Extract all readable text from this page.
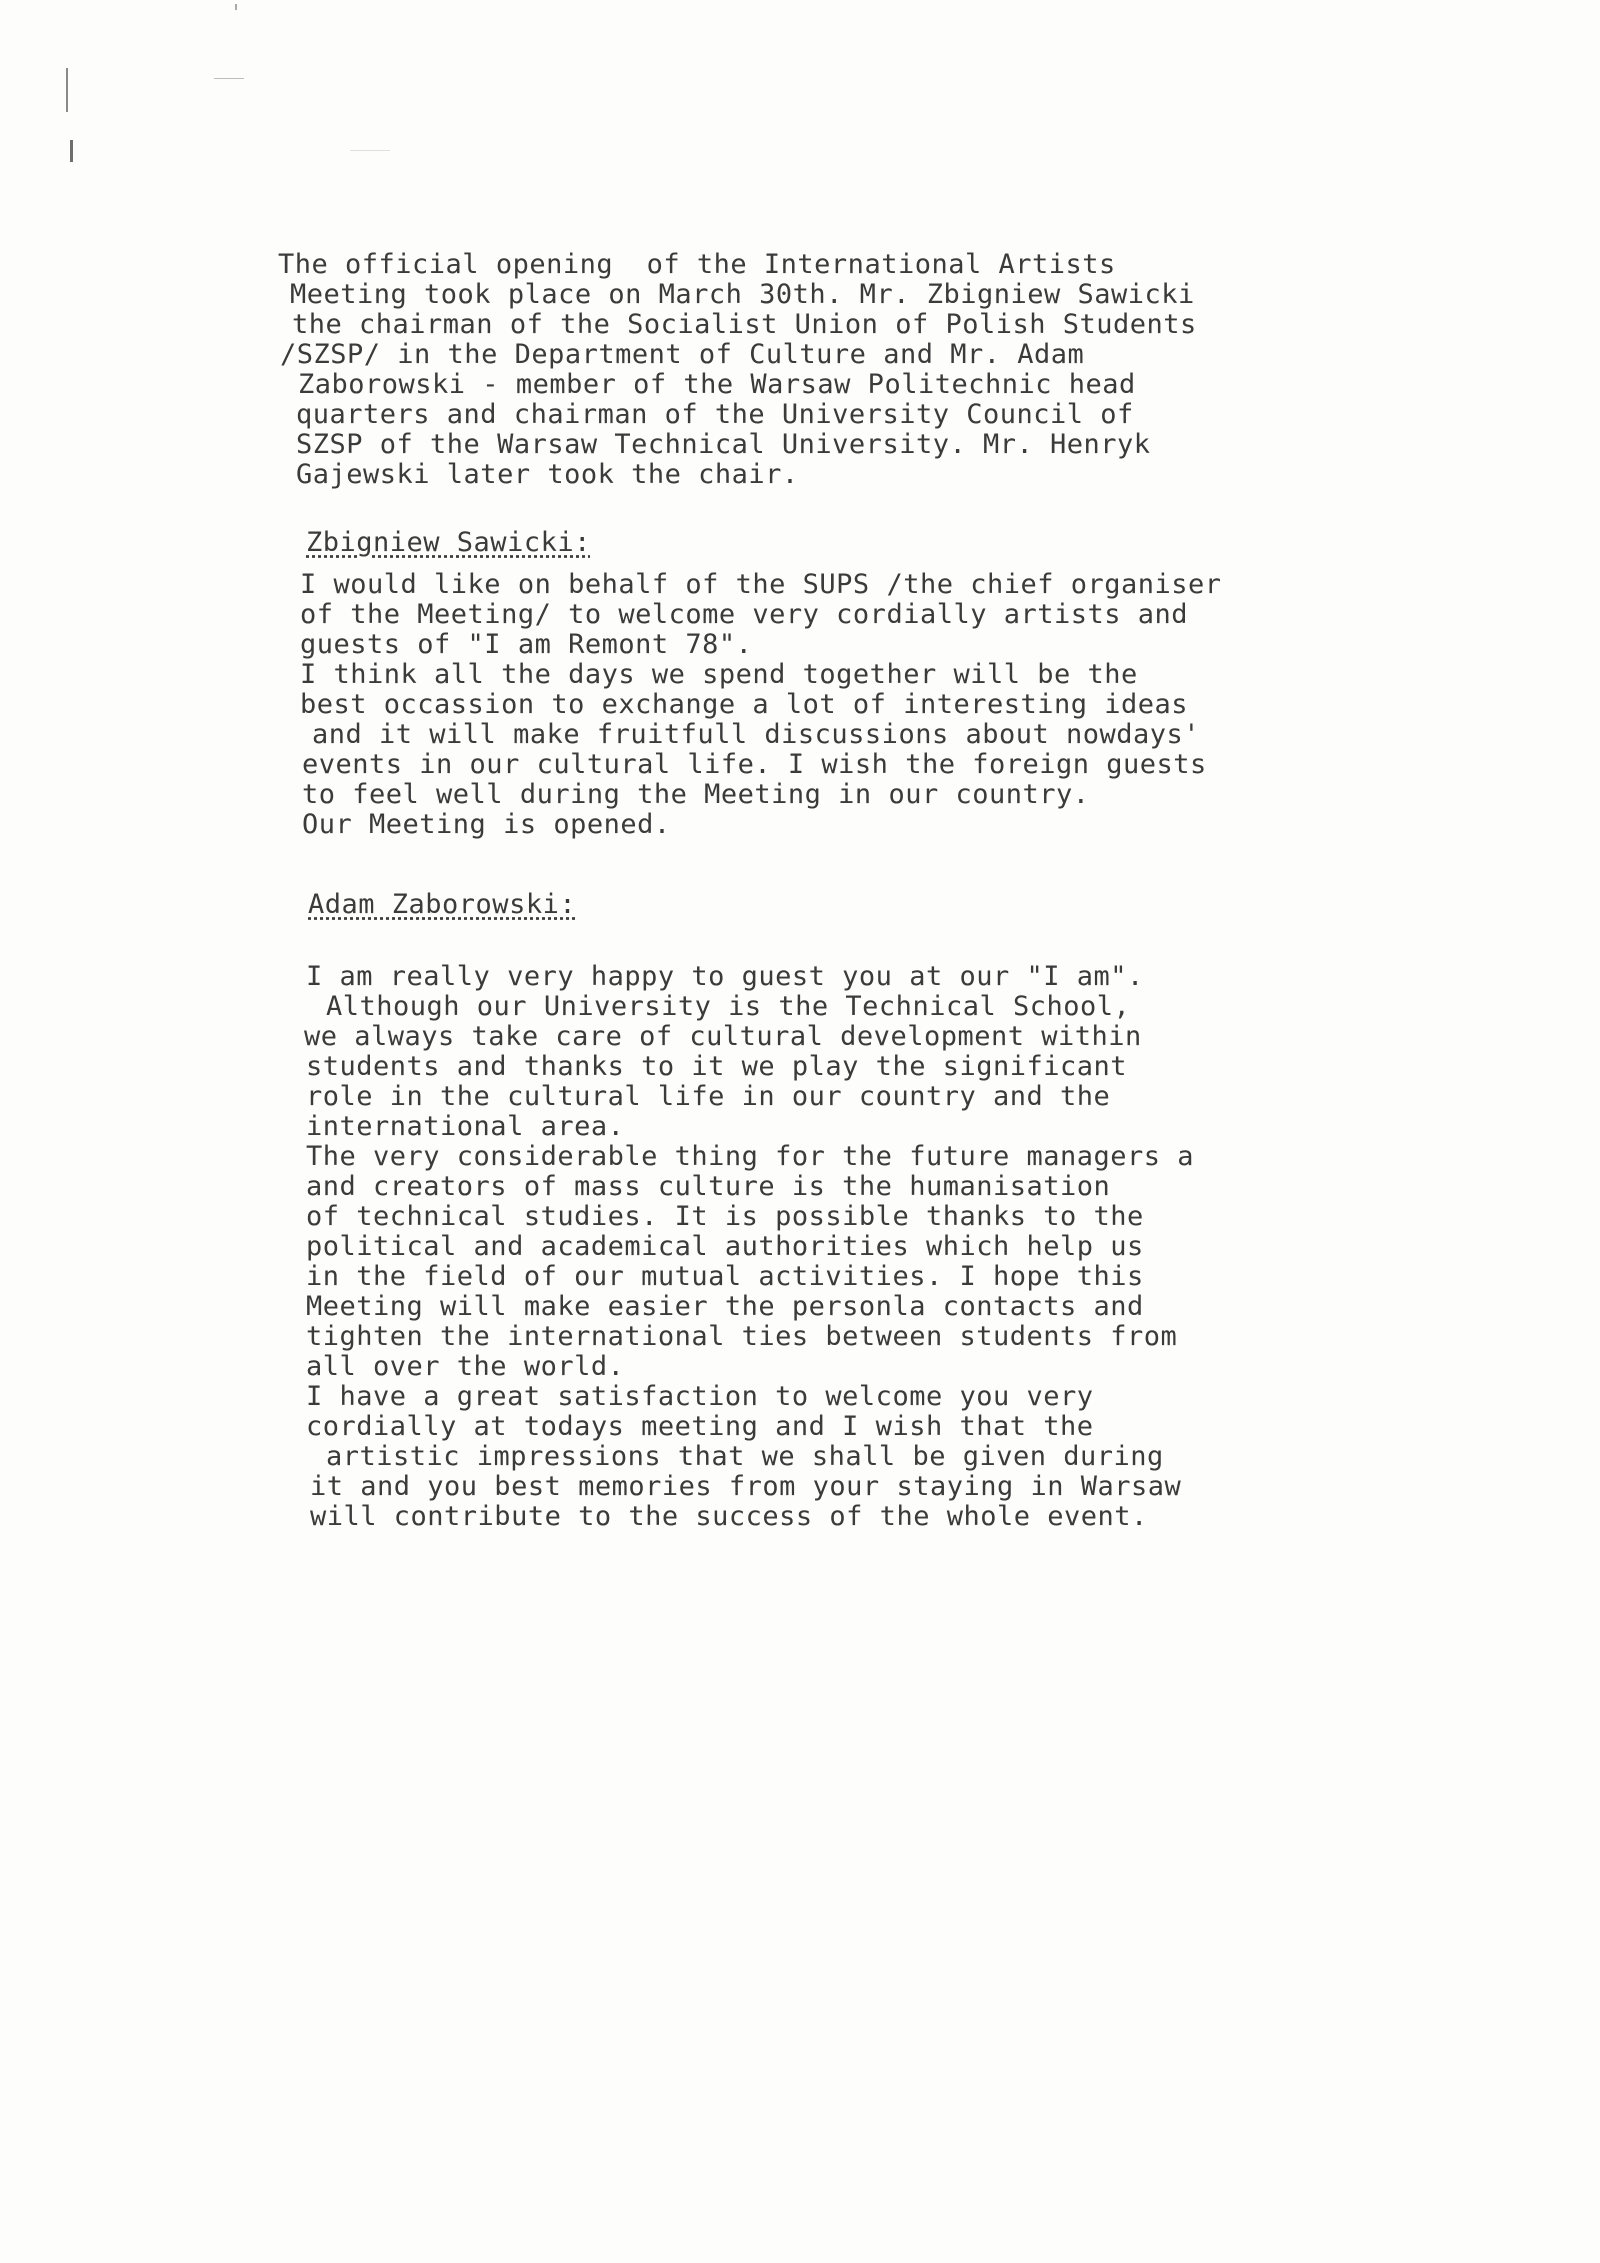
The official opening  of the International Artists
Meeting took place on March 30th. Mr. Zbigniew Sawicki
the chairman of the Socialist Union of Polish Students
/SZSP/ in the Department of Culture and Mr. Adam
Zaborowski - member of the Warsaw Politechnic head
quarters and chairman of the University Council of
SZSP of the Warsaw Technical University. Mr. Henryk
Gajewski later took the chair.
Zbigniew Sawicki:
I would like on behalf of the SUPS /the chief organiser
of the Meeting/ to welcome very cordially artists and
guests of "I am Remont 78".
I think all the days we spend together will be the
best occassion to exchange a lot of interesting ideas
and it will make fruitfull discussions about nowdays'
events in our cultural life. I wish the foreign guests
to feel well during the Meeting in our country.
Our Meeting is opened.
Adam Zaborowski:
I am really very happy to guest you at our "I am".
Although our University is the Technical School,
we always take care of cultural development within
students and thanks to it we play the significant
role in the cultural life in our country and the
international area.
The very considerable thing for the future managers a
and creators of mass culture is the humanisation
of technical studies. It is possible thanks to the
political and academical authorities which help us
in the field of our mutual activities. I hope this
Meeting will make easier the personla contacts and
tighten the international ties between students from
all over the world.
I have a great satisfaction to welcome you very
cordially at todays meeting and I wish that the
artistic impressions that we shall be given during
it and you best memories from your staying in Warsaw
will contribute to the success of the whole event.
